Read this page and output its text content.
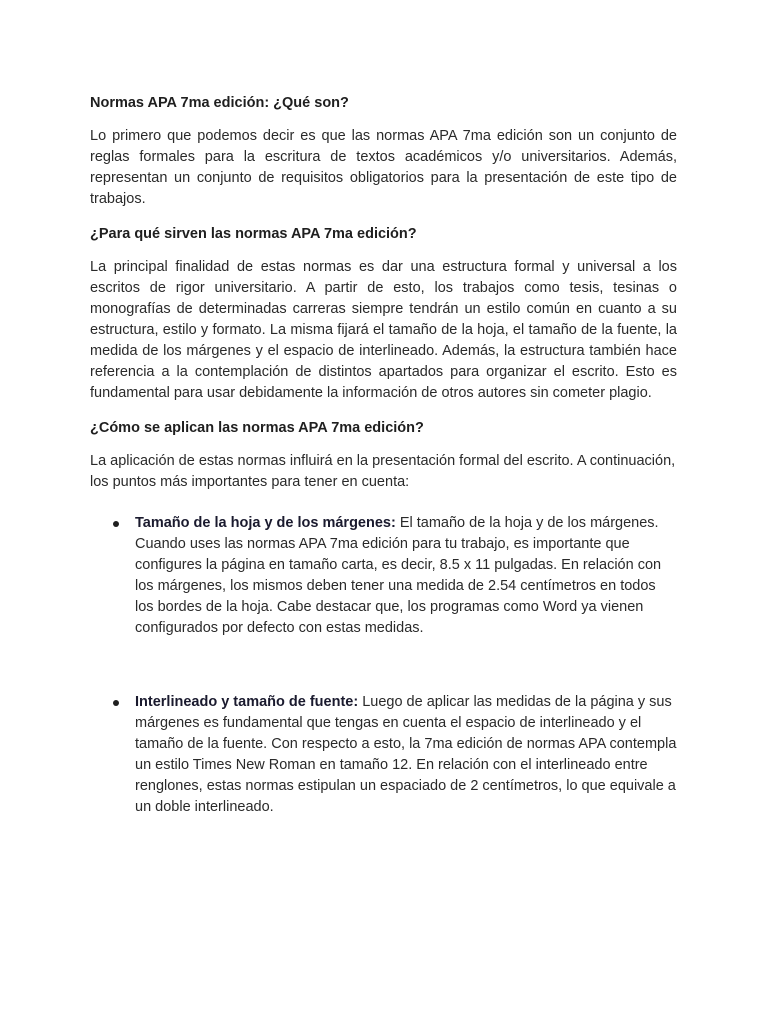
Normas APA 7ma edición: ¿Qué son?

Lo primero que podemos decir es que las normas APA 7ma edición son un conjunto de reglas formales para la escritura de textos académicos y/o universitarios. Además, representan un conjunto de requisitos obligatorios para la presentación de este tipo de trabajos.

¿Para qué sirven las normas APA 7ma edición?

La principal finalidad de estas normas es dar una estructura formal y universal a los escritos de rigor universitario. A partir de esto, los trabajos como tesis, tesinas o monografías de determinadas carreras siempre tendrán un estilo común en cuanto a su estructura, estilo y formato. La misma fijará el tamaño de la hoja, el tamaño de la fuente, la medida de los márgenes y el espacio de interlineado. Además, la estructura también hace referencia a la contemplación de distintos apartados para organizar el escrito. Esto es fundamental para usar debidamente la información de otros autores sin cometer plagio.

¿Cómo se aplican las normas APA 7ma edición?

La aplicación de estas normas influirá en la presentación formal del escrito. A continuación, los puntos más importantes para tener en cuenta:

Tamaño de la hoja y de los márgenes: El tamaño de la hoja y de los márgenes. Cuando uses las normas APA 7ma edición para tu trabajo, es importante que configures la página en tamaño carta, es decir, 8.5 x 11 pulgadas. En relación con los márgenes, los mismos deben tener una medida de 2.54 centímetros en todos los bordes de la hoja. Cabe destacar que, los programas como Word ya vienen configurados por defecto con estas medidas.
Interlineado y tamaño de fuente: Luego de aplicar las medidas de la página y sus márgenes es fundamental que tengas en cuenta el espacio de interlineado y el tamaño de la fuente. Con respecto a esto, la 7ma edición de normas APA contempla un estilo Times New Roman en tamaño 12. En relación con el interlineado entre renglones, estas normas estipulan un espaciado de 2 centímetros, lo que equivale a un doble interlineado.
